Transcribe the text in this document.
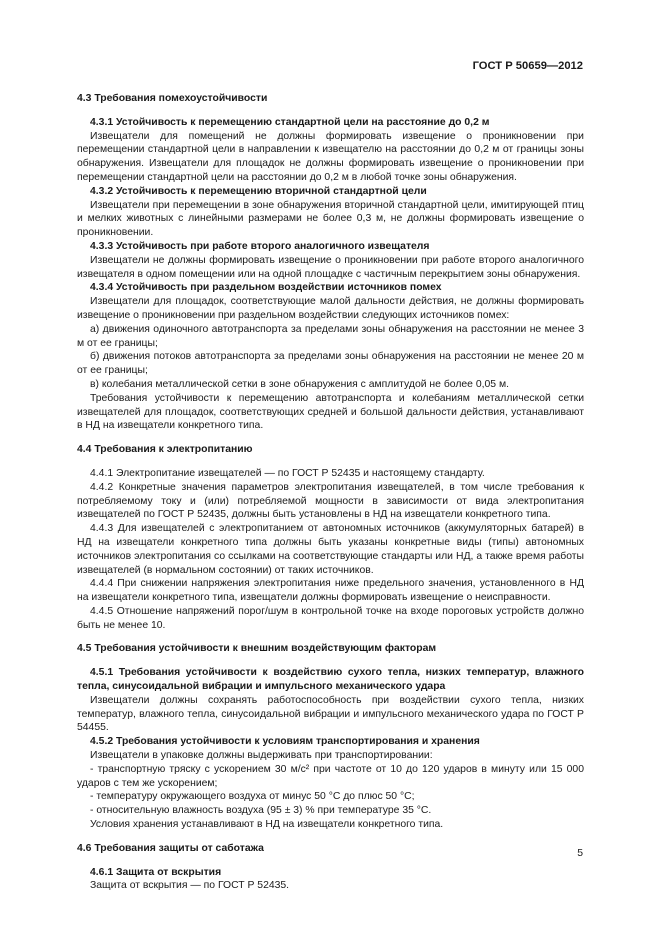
ГОСТ Р 50659—2012

4.3 Требования помехоустойчивости

4.3.1 Устойчивость к перемещению стандартной цели на расстояние до 0,2 м

Извещатели для помещений не должны формировать извещение о проникновении при перемещении стандартной цели в направлении к извещателю на расстоянии до 0,2 м от границы зоны обнаружения. Извещатели для площадок не должны формировать извещение о проникновении при перемещении стандартной цели на расстоянии до 0,2 м в любой точке зоны обнаружения.

4.3.2 Устойчивость к перемещению вторичной стандартной цели

Извещатели при перемещении в зоне обнаружения вторичной стандартной цели, имитирующей птиц и мелких животных с линейными размерами не более 0,3 м, не должны формировать извещение о проникновении.

4.3.3 Устойчивость при работе второго аналогичного извещателя

Извещатели не должны формировать извещение о проникновении при работе второго аналогичного извещателя в одном помещении или на одной площадке с частичным перекрытием зоны обнаружения.

4.3.4 Устойчивость при раздельном воздействии источников помех

Извещатели для площадок, соответствующие малой дальности действия, не должны формировать извещение о проникновении при раздельном воздействии следующих источников помех:

а) движения одиночного автотранспорта за пределами зоны обнаружения на расстоянии не менее 3 м от ее границы;

б) движения потоков автотранспорта за пределами зоны обнаружения на расстоянии не менее 20 м от ее границы;

в) колебания металлической сетки в зоне обнаружения с амплитудой не более 0,05 м.

Требования устойчивости к перемещению автотранспорта и колебаниям металлической сетки извещателей для площадок, соответствующих средней и большой дальности действия, устанавливают в НД на извещатели конкретного типа.

4.4 Требования к электропитанию

4.4.1 Электропитание извещателей — по ГОСТ Р 52435 и настоящему стандарту.

4.4.2 Конкретные значения параметров электропитания извещателей, в том числе требования к потребляемому току и (или) потребляемой мощности в зависимости от вида электропитания извещателей по ГОСТ Р 52435, должны быть установлены в НД на извещатели конкретного типа.

4.4.3 Для извещателей с электропитанием от автономных источников (аккумуляторных батарей) в НД на извещатели конкретного типа должны быть указаны конкретные виды (типы) автономных источников электропитания со ссылками на соответствующие стандарты или НД, а также время работы извещателей (в нормальном состоянии) от таких источников.

4.4.4 При снижении напряжения электропитания ниже предельного значения, установленного в НД на извещатели конкретного типа, извещатели должны формировать извещение о неисправности.

4.4.5 Отношение напряжений порог/шум в контрольной точке на входе пороговых устройств должно быть не менее 10.

4.5 Требования устойчивости к внешним воздействующим факторам

4.5.1 Требования устойчивости к воздействию сухого тепла, низких температур, влажного тепла, синусоидальной вибрации и импульсного механического удара

Извещатели должны сохранять работоспособность при воздействии сухого тепла, низких температур, влажного тепла, синусоидальной вибрации и импульсного механического удара по ГОСТ Р 54455.

4.5.2 Требования устойчивости к условиям транспортирования и хранения

Извещатели в упаковке должны выдерживать при транспортировании:

- транспортную тряску с ускорением 30 м/с² при частоте от 10 до 120 ударов в минуту или 15 000 ударов с тем же ускорением;

- температуру окружающего воздуха от минус 50 °С до плюс 50 °С;

- относительную влажность воздуха (95 ± 3) % при температуре 35 °С.

Условия хранения устанавливают в НД на извещатели конкретного типа.

4.6 Требования защиты от саботажа

4.6.1 Защита от вскрытия

Защита от вскрытия — по ГОСТ Р 52435.

5
